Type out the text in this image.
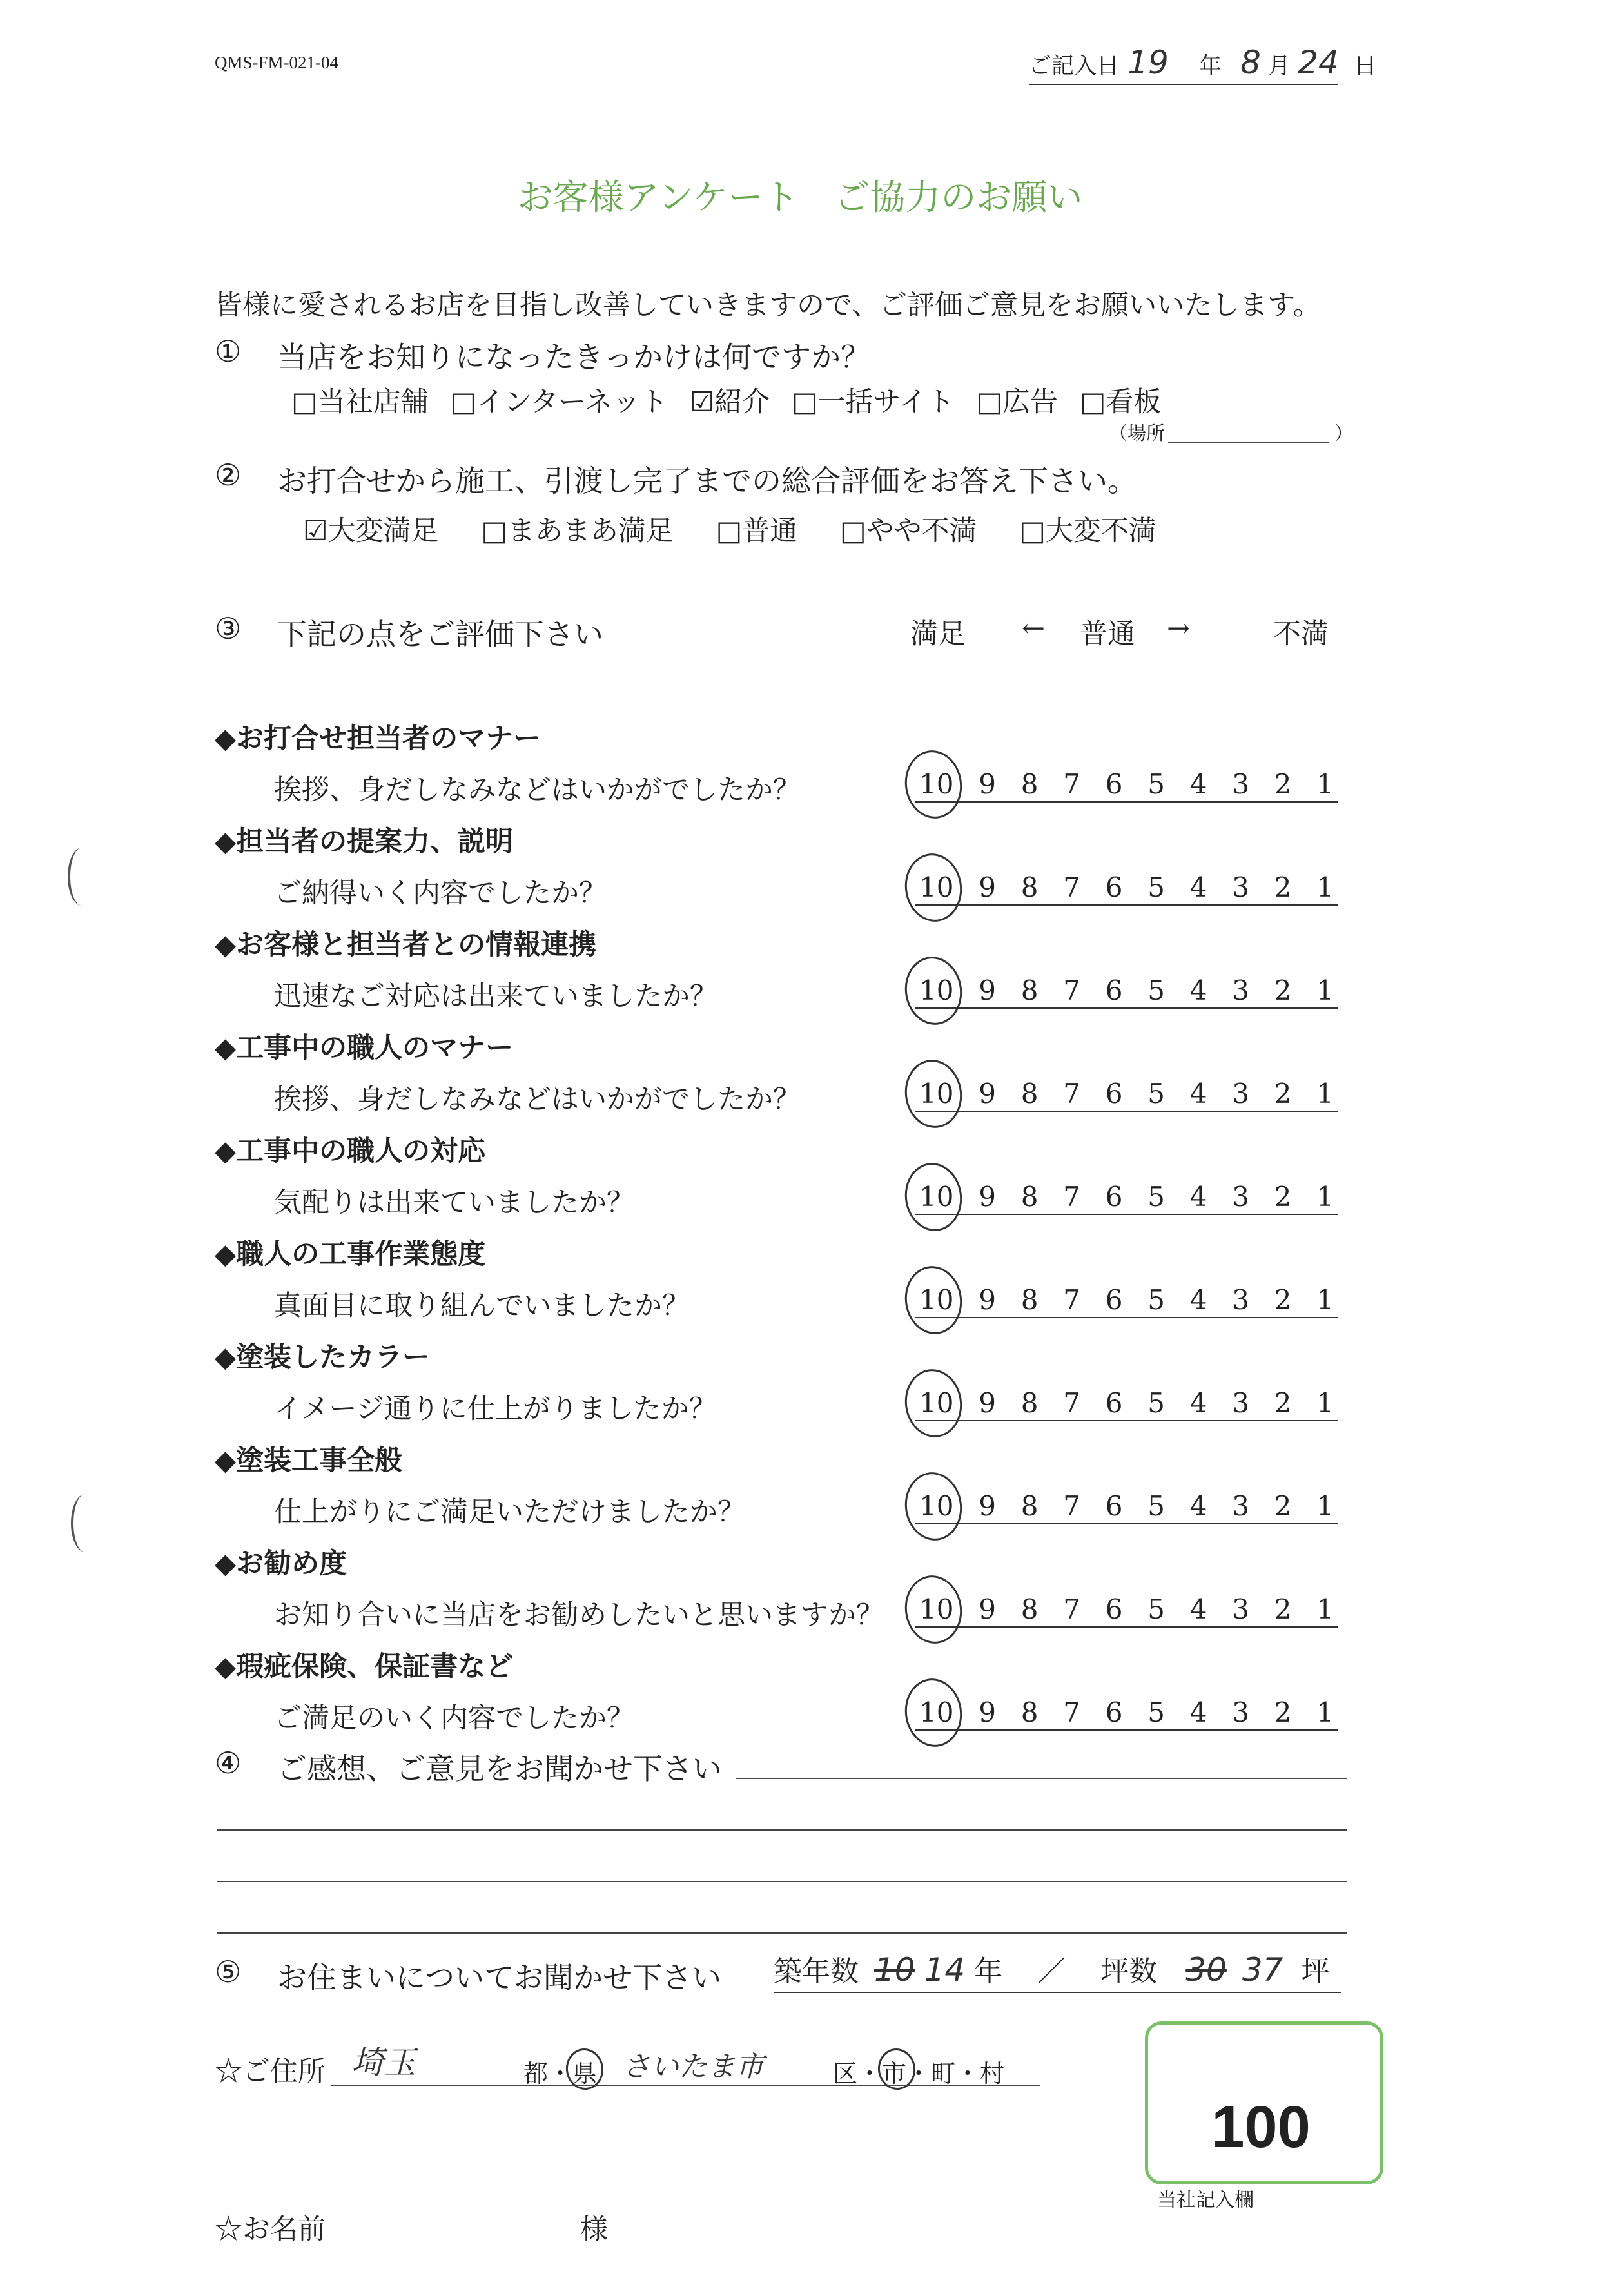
QMS-FM-021-04	ご記入日 19 年 8 月 24 日
お客様アンケート　ご協力のお願い
皆様に愛されるお店を目指し改善していきますので、ご評価ご意見をお願いいたします。
① 当店をお知りになったきっかけは何ですか？
□当社店舗 □インターネット ☑紹介 □一括サイト □広告 □看板
（場所	）
② お打合せから施工、引渡し完了までの総合評価をお答え下さい。
☑大変満足 □まあまあ満足 □普通 □やや不満 □大変不満
③ 下記の点をご評価下さい	満足 ← 普通 →	不満
◆お打合せ担当者のマナー
挨拶、身だしなみなどはいかがでしたか？	10 9 8 7 6 5 4 3 2 1
◆担当者の提案力、説明
ご納得いく内容でしたか？	10 9 8 7 6 5 4 3 2 1
◆お客様と担当者との情報連携
迅速なご対応は出来ていましたか？	10 9 8 7 6 5 4 3 2 1
◆工事中の職人のマナー
挨拶、身だしなみなどはいかがでしたか？	10 9 8 7 6 5 4 3 2 1
◆工事中の職人の対応
気配りは出来ていましたか？	10 9 8 7 6 5 4 3 2 1
◆職人の工事作業態度
真面目に取り組んでいましたか？	10 9 8 7 6 5 4 3 2 1
◆塗装したカラー
イメージ通りに仕上がりましたか？	10 9 8 7 6 5 4 3 2 1
◆塗装工事全般
仕上がりにご満足いただけましたか？	10 9 8 7 6 5 4 3 2 1
◆お勧め度
お知り合いに当店をお勧めしたいと思いますか？ 10 9 8 7 6 5 4 3 2 1
◆瑕疵保険、保証書など
ご満足のいく内容でしたか？	10 9 8 7 6 5 4 3 2 1
④ ご感想、ご意見をお聞かせ下さい
⑤ お住まいについてお聞かせ下さい 築年数 10 14 年 ／ 坪数 30 37 坪
☆ご住所 埼玉	都・県 さいたま市	区・市・町・村
☆お名前	様
100
当社記入欄
